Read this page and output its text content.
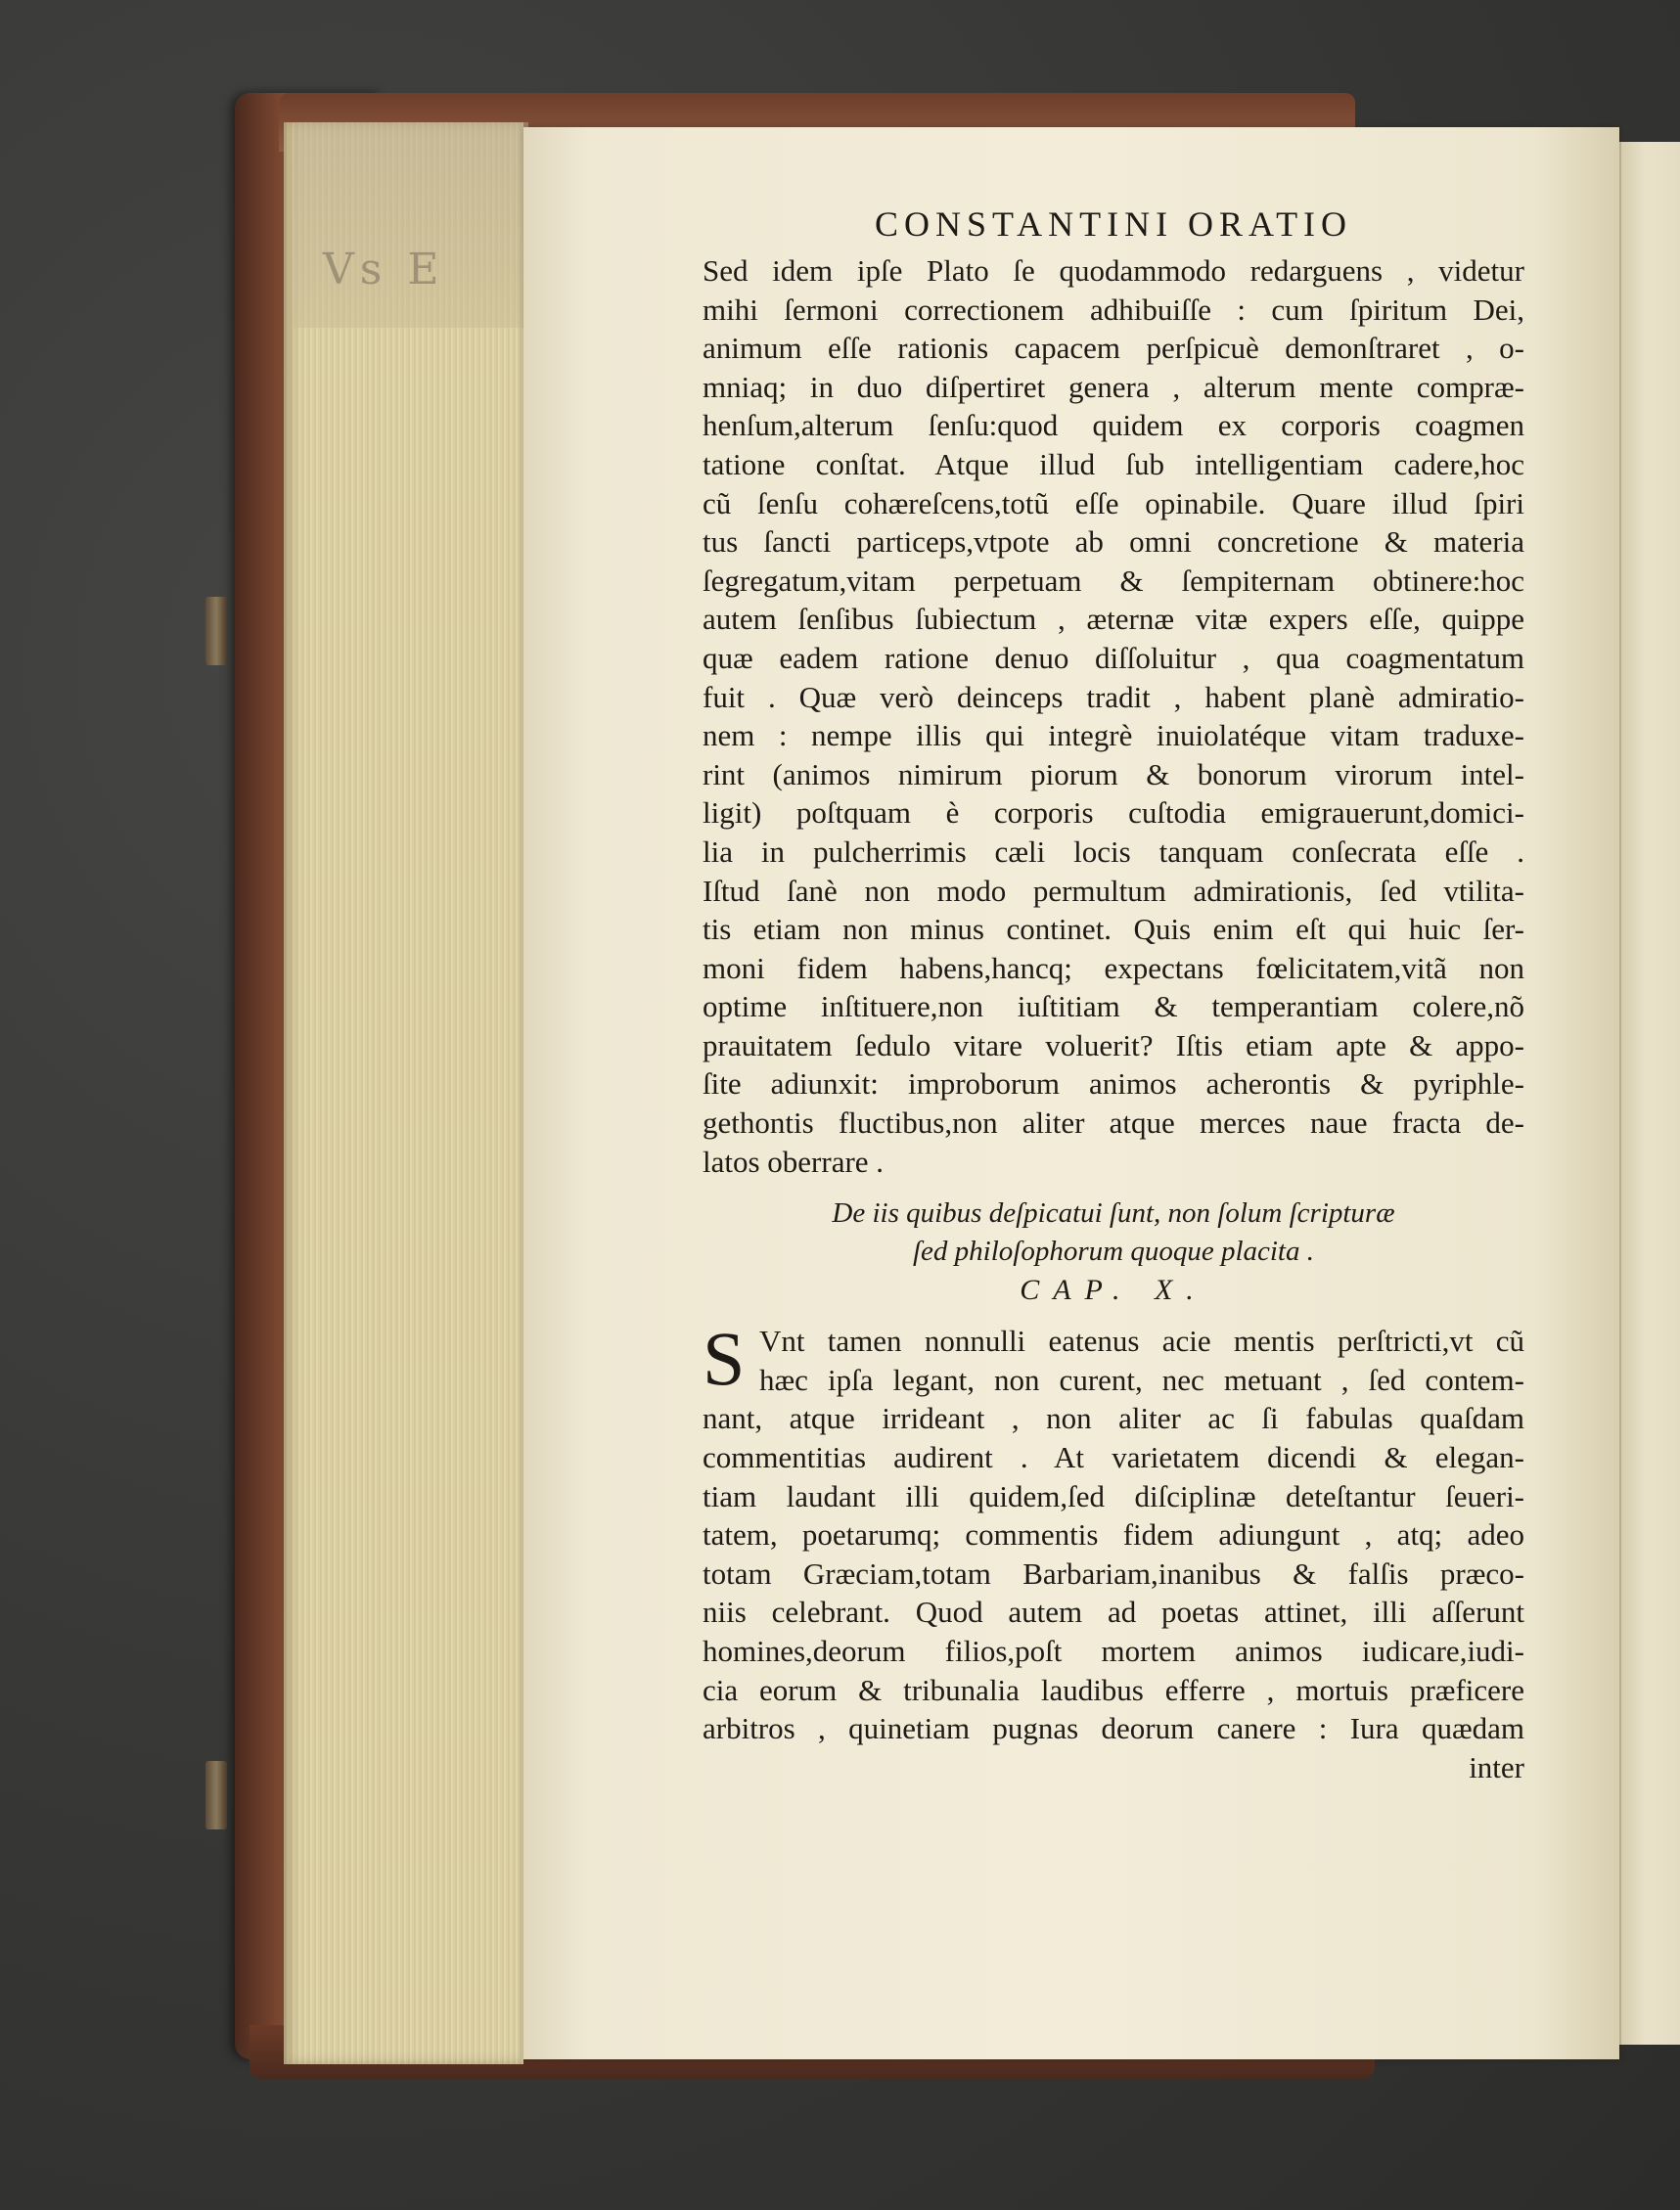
Vs E
CONSTANTINI ORATIO
Sed idem ipſe Plato ſe quodammodo redarguens , videtur
mihi ſermoni correctionem adhibuiſſe : cum ſpiritum Dei,
animum eſſe rationis capacem perſpicuè demonſtraret , o-
mniaq; in duo diſpertiret genera , alterum mente compræ-
henſum,alterum ſenſu:quod quidem ex corporis coagmen
tatione conſtat. Atque illud ſub intelligentiam cadere,hoc
cũ ſenſu cohæreſcens,totũ eſſe opinabile. Quare illud ſpiri
tus ſancti particeps,vtpote ab omni concretione & materia
ſegregatum,vitam perpetuam & ſempiternam obtinere:hoc
autem ſenſibus ſubiectum , æternæ vitæ expers eſſe, quippe
quæ eadem ratione denuo diſſoluitur , qua coagmentatum
fuit . Quæ verò deinceps tradit , habent planè admiratio-
nem : nempe illis qui integrè inuiolatéque vitam traduxe-
rint (animos nimirum piorum & bonorum virorum intel-
ligit) poſtquam è corporis cuſtodia emigrauerunt,domici-
lia in pulcherrimis cæli locis tanquam conſecrata eſſe .
Iſtud ſanè non modo permultum admirationis, ſed vtilita-
tis etiam non minus continet. Quis enim eſt qui huic ſer-
moni fidem habens,hancq; expectans fœlicitatem,vitã non
optime inſtituere,non iuſtitiam & temperantiam colere,nõ
prauitatem ſedulo vitare voluerit? Iſtis etiam apte & appo-
ſite adiunxit: improborum animos acherontis & pyriphle-
gethontis fluctibus,non aliter atque merces naue fracta de-
latos oberrare .
De iis quibus deſpicatui ſunt, non ſolum ſcripturæ
ſed philoſophorum quoque placita .
CAP. X.
S Vnt tamen nonnulli eatenus acie mentis perſtricti,vt cũ
hæc ipſa legant, non curent, nec metuant , ſed contem-
nant, atque irrideant , non aliter ac ſi fabulas quaſdam
commentitias audirent . At varietatem dicendi & elegan-
tiam laudant illi quidem,ſed diſciplinæ deteſtantur ſeueri-
tatem, poetarumq; commentis fidem adiungunt , atq; adeo
totam Græciam,totam Barbariam,inanibus & falſis præco-
niis celebrant. Quod autem ad poetas attinet, illi aſſerunt
homines,deorum filios,poſt mortem animos iudicare,iudi-
cia eorum & tribunalia laudibus efferre , mortuis præficere
arbitros , quinetiam pugnas deorum canere : Iura quædam
inter
